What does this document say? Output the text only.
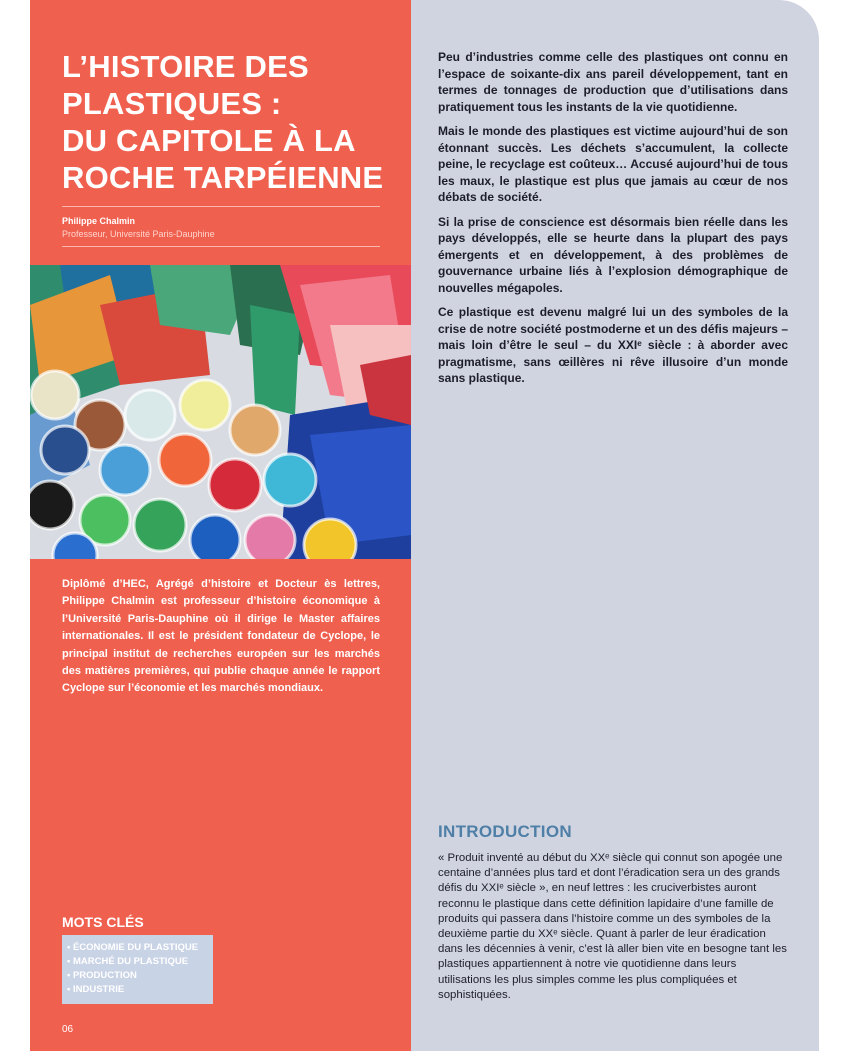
L’HISTOIRE DES
PLASTIQUES :
DU CAPITOLE À LA
ROCHE TARPÉIENNE
Philippe Chalmin
Professeur, Université Paris-Dauphine

Diplômé d’HEC, Agrégé d’histoire et Docteur ès lettres, Philippe Chalmin est professeur d’histoire économique à l’Université Paris-Dauphine où il dirige le Master affaires internationales. Il est le président fondateur de Cyclope, le principal institut de recherches européen sur les marchés des matières premières, qui publie chaque année le rapport Cyclope sur l’économie et les marchés mondiaux.

MOTS CLÉS
• ÉCONOMIE DU PLASTIQUE
• MARCHÉ DU PLASTIQUE
• PRODUCTION
• INDUSTRIE
06

Peu d’industries comme celle des plastiques ont connu en l’espace de soixante-dix ans pareil développement, tant en termes de tonnages de production que d’utilisations dans pratiquement tous les instants de la vie quotidienne.

Mais le monde des plastiques est victime aujourd’hui de son étonnant succès. Les déchets s’accumulent, la collecte peine, le recyclage est coûteux… Accusé aujourd’hui de tous les maux, le plastique est plus que jamais au cœur de nos débats de société.

Si la prise de conscience est désormais bien réelle dans les pays développés, elle se heurte dans la plupart des pays émergents et en développement, à des problèmes de gouvernance urbaine liés à l’explosion démographique de nouvelles mégapoles.

Ce plastique est devenu malgré lui un des symboles de la crise de notre société postmoderne et un des défis majeurs – mais loin d’être le seul – du XXIᵉ siècle : à aborder avec pragmatisme, sans œillères ni rêve illusoire d’un monde sans plastique.

INTRODUCTION

« Produit inventé au début du XXᵉ siècle qui connut son apogée une centaine d’années plus tard et dont l’éradication sera un des grands défis du XXIᵉ siècle », en neuf lettres : les cruciverbistes auront reconnu le plastique dans cette définition lapidaire d’une famille de produits qui passera dans l’histoire comme un des symboles de la deuxième partie du XXᵉ siècle. Quant à parler de leur éradication dans les décennies à venir, c’est là aller bien vite en besogne tant les plastiques appartiennent à notre vie quotidienne dans leurs utilisations les plus simples comme les plus compliquées et sophistiquées.
